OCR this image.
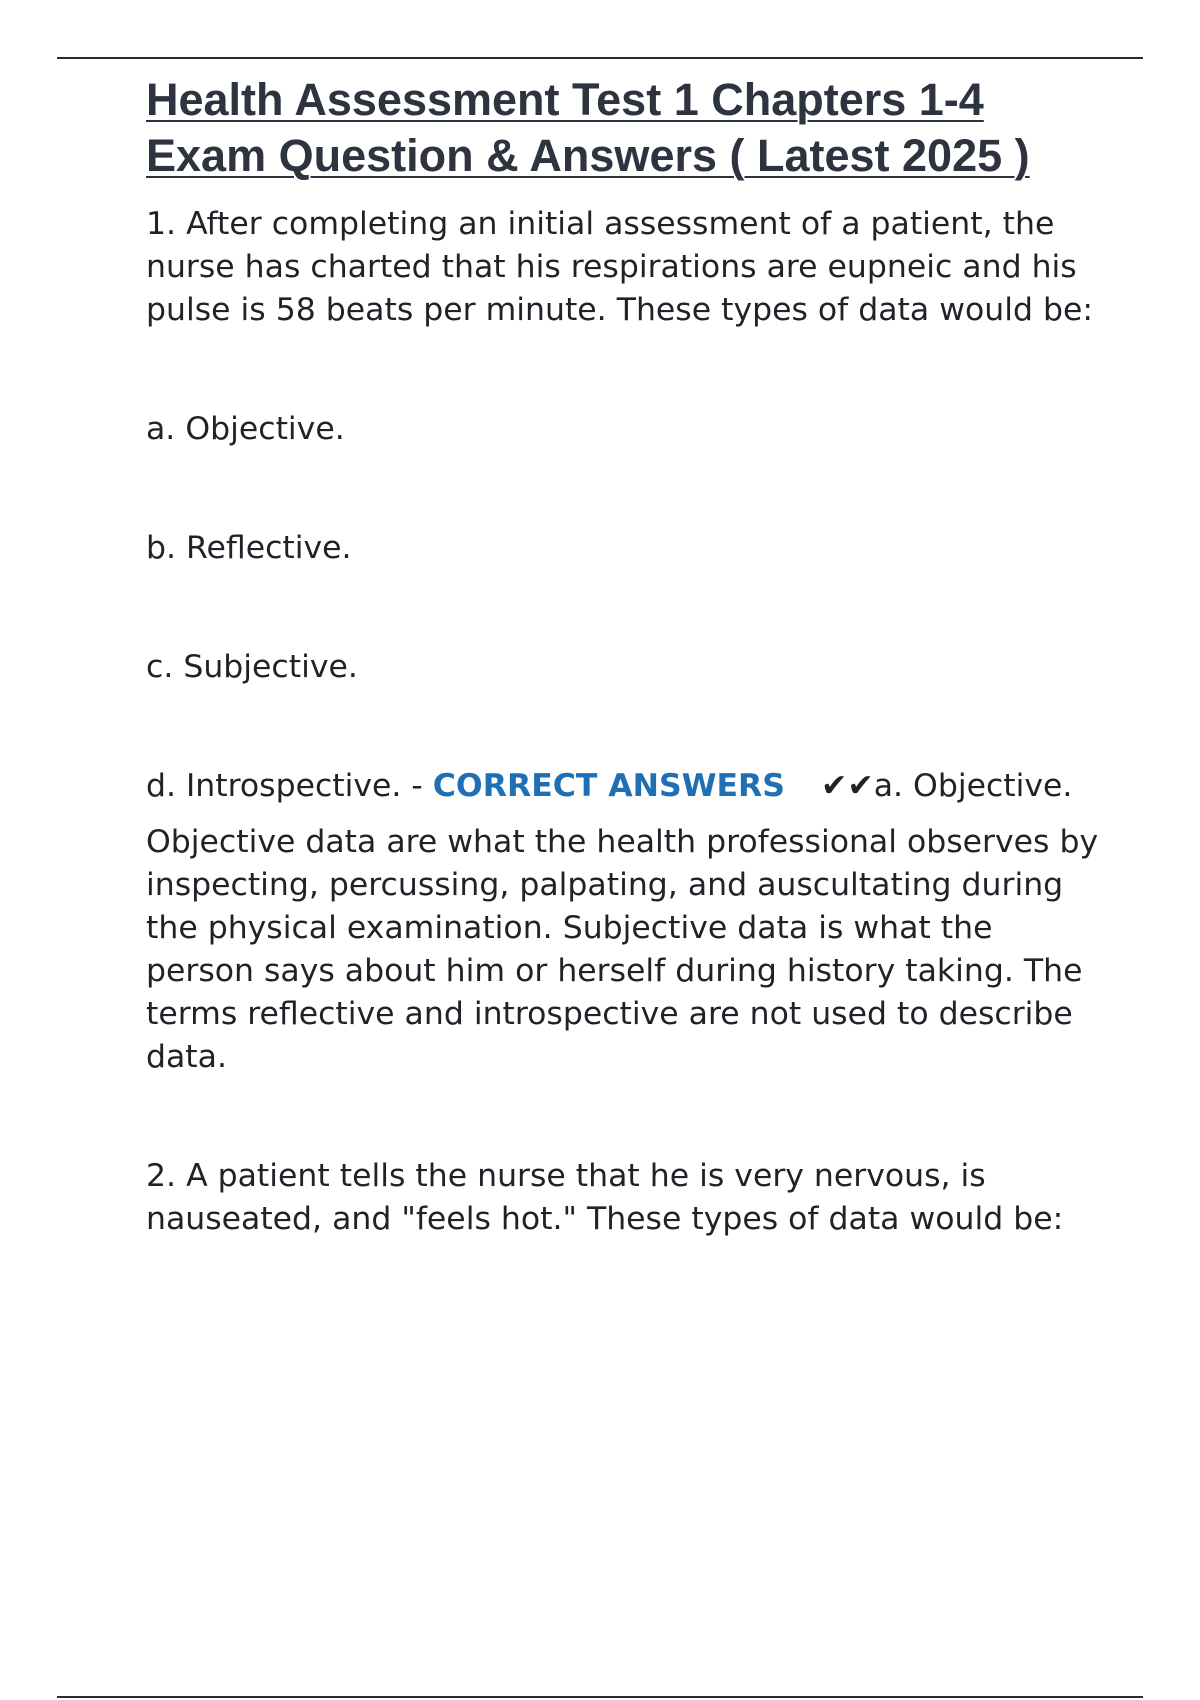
Health Assessment Test 1 Chapters 1-4 Exam Question & Answers ( Latest 2025 )

1. After completing an initial assessment of a patient, the nurse has charted that his respirations are eupneic and his pulse is 58 beats per minute. These types of data would be:

a. Objective.

b. Reflective.

c. Subjective.

d. Introspective. - CORRECT ANSWERS ✔✔a. Objective.

Objective data are what the health professional observes by inspecting, percussing, palpating, and auscultating during the physical examination. Subjective data is what the person says about him or herself during history taking. The terms reflective and introspective are not used to describe data.

2. A patient tells the nurse that he is very nervous, is nauseated, and "feels hot." These types of data would be:
